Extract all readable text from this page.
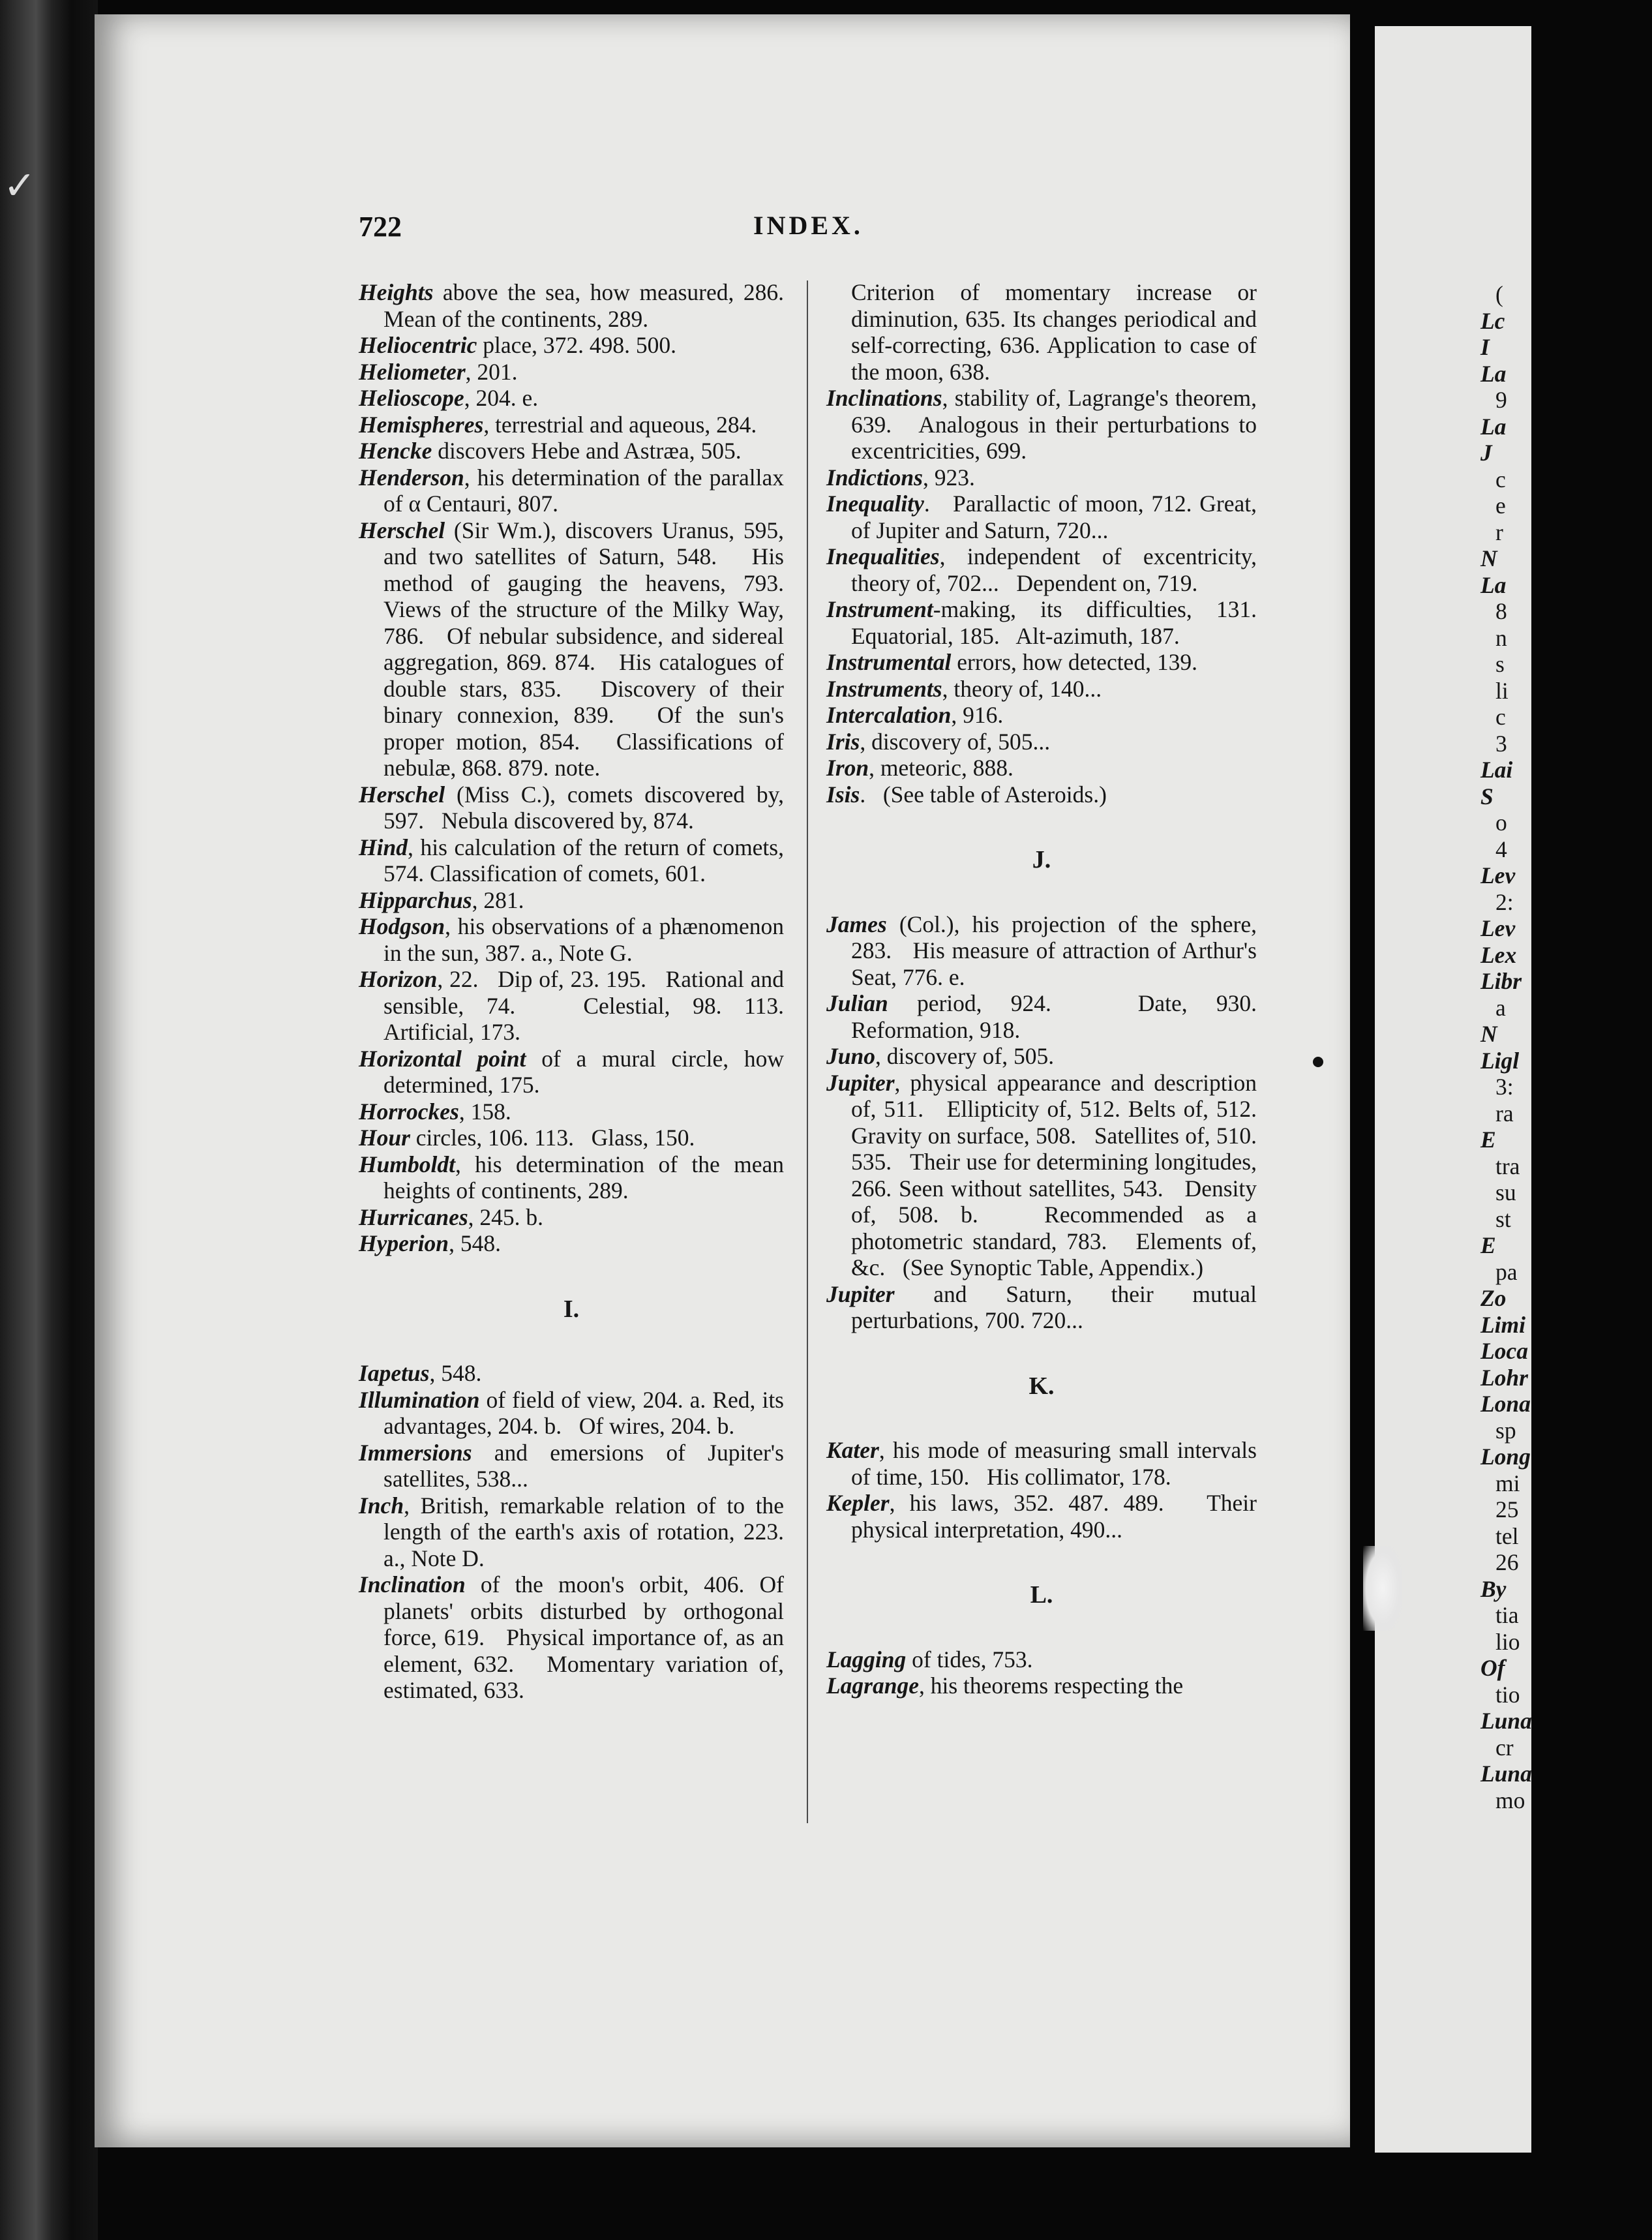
✓
722	INDEX.
Heights above the sea, how measured, 286.   Mean of the continents, 289.
Heliocentric place, 372. 498. 500.
Heliometer, 201.
Helioscope, 204. e.
Hemispheres, terrestrial and aqueous, 284.
Hencke discovers Hebe and Astræa, 505.
Henderson, his determination of the parallax of α Centauri, 807.
Herschel (Sir Wm.), discovers Uranus, 595, and two satellites of Saturn, 548.   His method of gauging the heavens, 793.   Views of the structure of the Milky Way, 786.   Of nebular subsidence, and sidereal aggregation, 869. 874.   His catalogues of double stars, 835.   Discovery of their binary connexion, 839.   Of the sun's proper motion, 854.   Classifications of nebulæ, 868. 879. note.
Herschel (Miss C.), comets discovered by, 597.   Nebula discovered by, 874.
Hind, his calculation of the return of comets, 574. Classification of comets, 601.
Hipparchus, 281.
Hodgson, his observations of a phænomenon in the sun, 387. a., Note G.
Horizon, 22.   Dip of, 23. 195.   Rational and sensible, 74.   Celestial, 98. 113.   Artificial, 173.
Horizontal point of a mural circle, how determined, 175.
Horrockes, 158.
Hour circles, 106. 113.   Glass, 150.
Humboldt, his determination of the mean heights of continents, 289.
Hurricanes, 245. b.
Hyperion, 548.
I.
Iapetus, 548.
Illumination of field of view, 204. a. Red, its advantages, 204. b.   Of wires, 204. b.
Immersions and emersions of Jupiter's satellites, 538...
Inch, British, remarkable relation of to the length of the earth's axis of rotation, 223. a., Note D.
Inclination of the moon's orbit, 406. Of planets' orbits disturbed by orthogonal force, 619.   Physical importance of, as an element, 632.   Momentary variation of, estimated, 633.
Criterion of momentary increase or diminution, 635. Its changes periodical and self-correcting, 636. Application to case of the moon, 638.
Inclinations, stability of, Lagrange's theorem, 639.   Analogous in their perturbations to excentricities, 699.
Indictions, 923.
Inequality.   Parallactic of moon, 712. Great, of Jupiter and Saturn, 720...
Inequalities, independent of excentricity, theory of, 702...   Dependent on, 719.
Instrument-making, its difficulties, 131.   Equatorial, 185.   Alt-azimuth, 187.
Instrumental errors, how detected, 139.
Instruments, theory of, 140...
Intercalation, 916.
Iris, discovery of, 505...
Iron, meteoric, 888.
Isis.   (See table of Asteroids.)
J.
James (Col.), his projection of the sphere, 283.   His measure of attraction of Arthur's Seat, 776. e.
Julian period, 924.   Date, 930.   Reformation, 918.
Juno, discovery of, 505.
Jupiter, physical appearance and description of, 511.   Ellipticity of, 512. Belts of, 512.   Gravity on surface, 508.   Satellites of, 510. 535.   Their use for determining longitudes, 266. Seen without satellites, 543.   Density of, 508. b.   Recommended as a photometric standard, 783.   Elements of, &c.   (See Synoptic Table, Appendix.)
Jupiter and Saturn, their mutual perturbations, 700. 720...
K.
Kater, his mode of measuring small intervals of time, 150.   His collimator, 178.
Kepler, his laws, 352. 487. 489.   Their physical interpretation, 490...
L.
Lagging of tides, 753.
Lagrange, his theorems respecting the
(
Lc
I
La
9
La
J
c
e
r
N
La
8
n
s
li
c
3
Lai
S
o
4
Lev
2:
Lev
Lex
Libr
a
N
Ligl
3:
ra
E
tra
su
st
E
pa
Zo
Limi
Loca
Lohr
Lona
sp
Long
mi
25
tel
26
By
tia
lio
Of
tio
Luna
cr
Luna
mo
